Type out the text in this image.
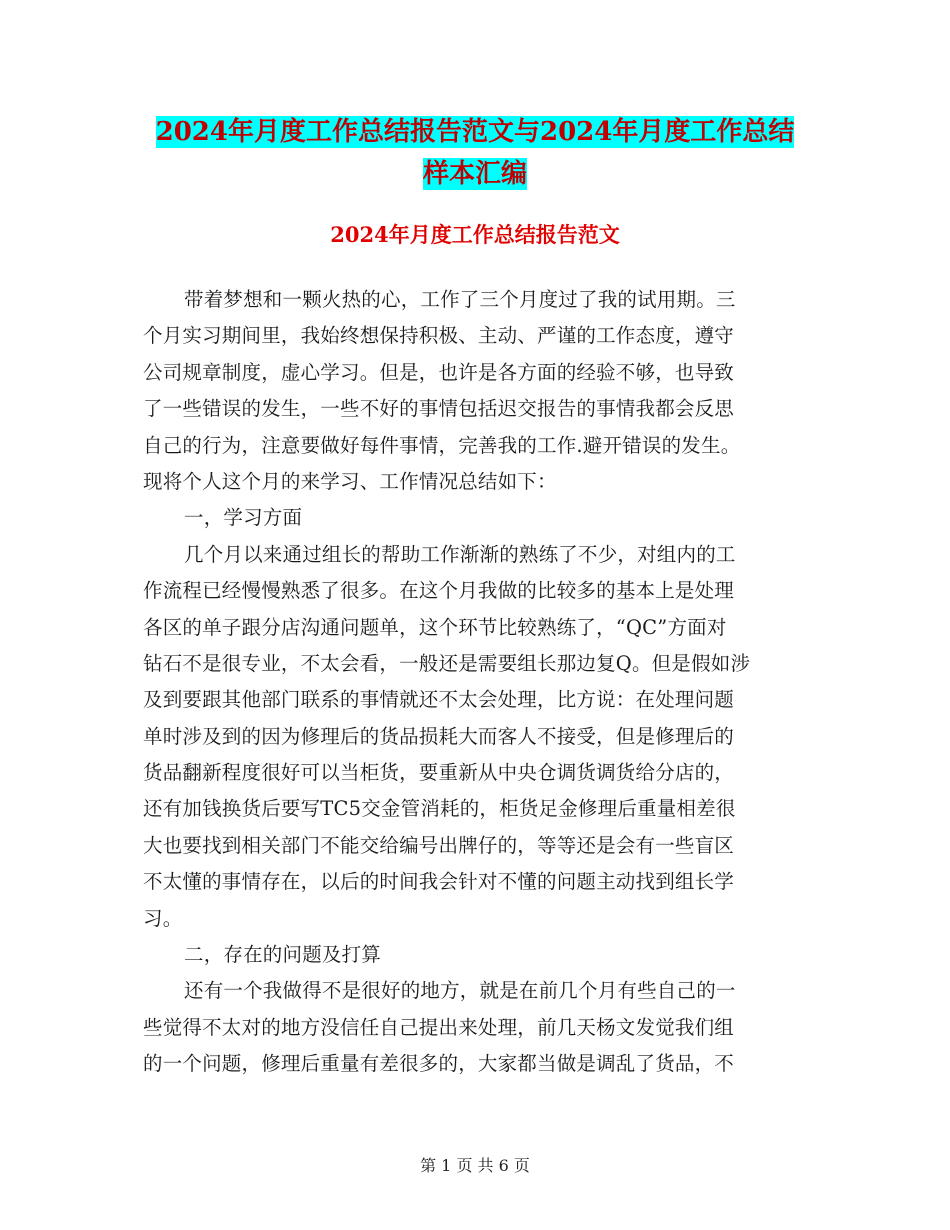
2024年月度工作总结报告范文与2024年月度工作总结
样本汇编
2024年月度工作总结报告范文
带着梦想和一颗火热的心，工作了三个月度过了我的试用期。三
个月实习期间里，我始终想保持积极、主动、严谨的工作态度，遵守
公司规章制度，虚心学习。但是，也许是各方面的经验不够，也导致
了一些错误的发生，一些不好的事情包括迟交报告的事情我都会反思
自己的行为，注意要做好每件事情，完善我的工作.避开错误的发生。
现将个人这个月的来学习、工作情况总结如下：
一，学习方面
几个月以来通过组长的帮助工作渐渐的熟练了不少，对组内的工
作流程已经慢慢熟悉了很多。在这个月我做的比较多的基本上是处理
各区的单子跟分店沟通问题单，这个环节比较熟练了，“QC”方面对
钻石不是很专业，不太会看，一般还是需要组长那边复Q。但是假如涉
及到要跟其他部门联系的事情就还不太会处理，比方说：在处理问题
单时涉及到的因为修理后的货品损耗大而客人不接受，但是修理后的
货品翻新程度很好可以当柜货，要重新从中央仓调货调货给分店的，
还有加钱换货后要写TC5交金管消耗的，柜货足金修理后重量相差很
大也要找到相关部门不能交给编号出牌仔的，等等还是会有一些盲区
不太懂的事情存在，以后的时间我会针对不懂的问题主动找到组长学
习。
二，存在的问题及打算
还有一个我做得不是很好的地方，就是在前几个月有些自己的一
些觉得不太对的地方没信任自己提出来处理，前几天杨文发觉我们组
的一个问题，修理后重量有差很多的，大家都当做是调乱了货品，不
第 1 页 共 6 页
